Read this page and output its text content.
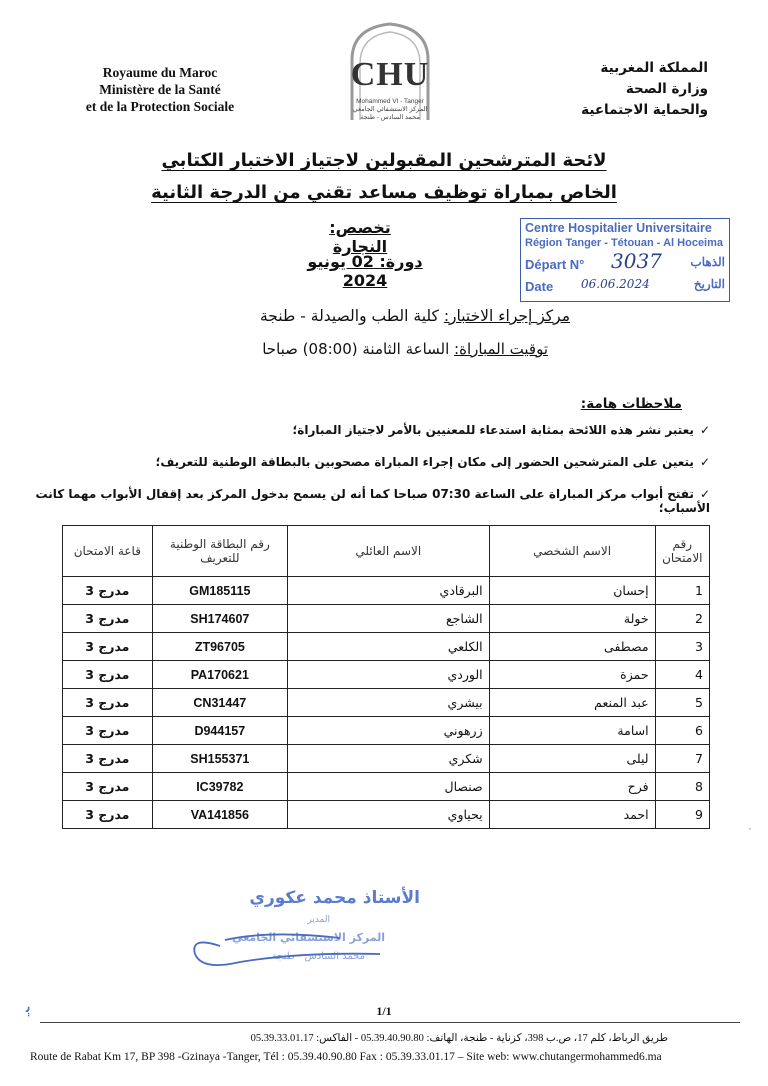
Royaume du Maroc
Ministère de la Santé
et de la Protection Sociale
CHU
Mohammed VI - Tanger
المركز الاستشفائي الجامعي
محمد السادس - طنجة
المملكة المغربية
وزارة الصحة
والحماية الاجتماعية
لائحة المترشحين المقبولين لاجتياز الاختبار الكتابي
الخاص بمباراة توظيف مساعد تقني من الدرجة الثانية
تخصص: النجارة
دورة: 02 يونيو 2024
Centre Hospitalier Universitaire
Région Tanger - Tétouan - Al Hoceima
Départ N° 3037 الذهاب
Date 06.06.2024	التاريخ
مركز إجراء الاختبار: كلية الطب والصيدلة - طنجة
توقيت المباراة: الساعة الثامنة (08:00) صباحا
ملاحظات هامة:
✓يعتبر نشر هذه اللائحة بمثابة استدعاء للمعنيين بالأمر لاجتياز المباراة؛
✓يتعين على المترشحين الحضور إلى مكان إجراء المباراة مصحوبين بالبطاقة الوطنية للتعريف؛
✓تفتح أبواب مركز المباراة على الساعة 07:30 صباحا كما أنه لن يسمح بدخول المركز بعد إقفال الأبواب مهما كانت الأسباب؛
رقم الامتحان	الاسم الشخصي	الاسم العائلي	رقم البطاقة الوطنية للتعريف	قاعة الامتحان
1	إحسان	البرقادي	GM185115	مدرج 3
2	خولة	الشاجع	SH174607	مدرج 3
3	مصطفى	الكلعي	ZT96705	مدرج 3
4	حمزة	الوردي	PA170621	مدرج 3
5	عبد المنعم	بيشري	CN31447	مدرج 3
6	اسامة	زرهوني	D944157	مدرج 3
7	ليلى	شكري	SH155371	مدرج 3
8	فرح	صنصال	IC39782	مدرج 3
9	احمد	يحياوي	VA141856	مدرج 3
الأستاذ محمد عكوري
المدير
المركز الاستشفائي الجامعي
محمد السادس - طنجة
ﭔ
·
1/1
طريق الرباط، كلم 17، ص.ب 398، كزناية - طنجة، الهاتف: 05.39.40.90.80 - الفاكس: 05.39.33.01.17
Route de Rabat Km 17, BP 398 -Gzinaya -Tanger, Tél : 05.39.40.90.80 Fax : 05.39.33.01.17 – Site web: www.chutangermohammed6.ma
